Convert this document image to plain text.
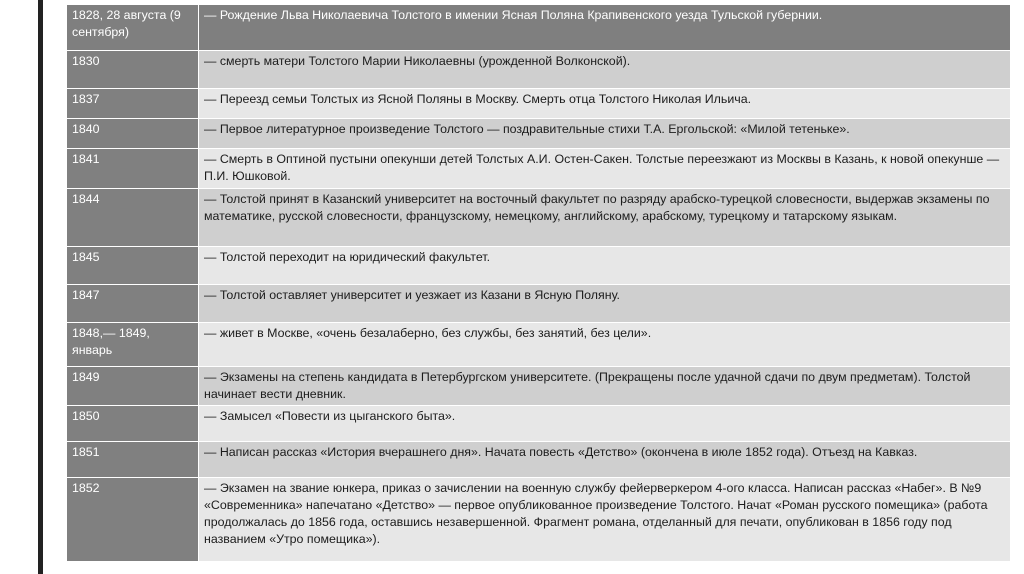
1828, 28 августа (9 сентября)	— Рождение Льва Николаевича Толстого в имении Ясная Поляна Крапивенского уезда Тульской губернии.
1830	— смерть матери Толстого Марии Николаевны (урожденной Волконской).
1837	— Переезд семьи Толстых из Ясной Поляны в Москву. Смерть отца Толстого Николая Ильича.
1840	— Первое литературное произведение Толстого — поздравительные стихи Т.А. Ергольской: «Милой тетеньке».
1841	— Смерть в Оптиной пустыни опекунши детей Толстых А.И. Остен-Сакен. Толстые переезжают из Москвы в Казань, к новой опекунше — П.И. Юшковой.
1844	— Толстой принят в Казанский университет на восточный факультет по разряду арабско-турецкой словесности, выдержав экзамены по математике, русской словесности, французскому, немецкому, английскому, арабскому, турецкому и татарскому языкам.
1845	— Толстой переходит на юридический факультет.
1847	— Толстой оставляет университет и уезжает из Казани в Ясную Поляну.
1848,— 1849, январь	— живет в Москве, «очень безалаберно, без службы, без занятий, без цели».
1849	— Экзамены на степень кандидата в Петербургском университете. (Прекращены после удачной сдачи по двум предметам). Толстой начинает вести дневник.
1850	— Замысел «Повести из цыганского быта».
1851	— Написан рассказ «История вчерашнего дня». Начата повесть «Детство» (окончена в июле 1852 года). Отъезд на Кавказ.
1852	— Экзамен на звание юнкера, приказ о зачислении на военную службу фейерверкером 4-ого класса. Написан рассказ «Набег». В №9 «Современника» напечатано «Детство» — первое опубликованное произведение Толстого. Начат «Роман русского помещика» (работа продолжалась до 1856 года, оставшись незавершенной. Фрагмент романа, отделанный для печати, опубликован в 1856 году под названием «Утро помещика»).
